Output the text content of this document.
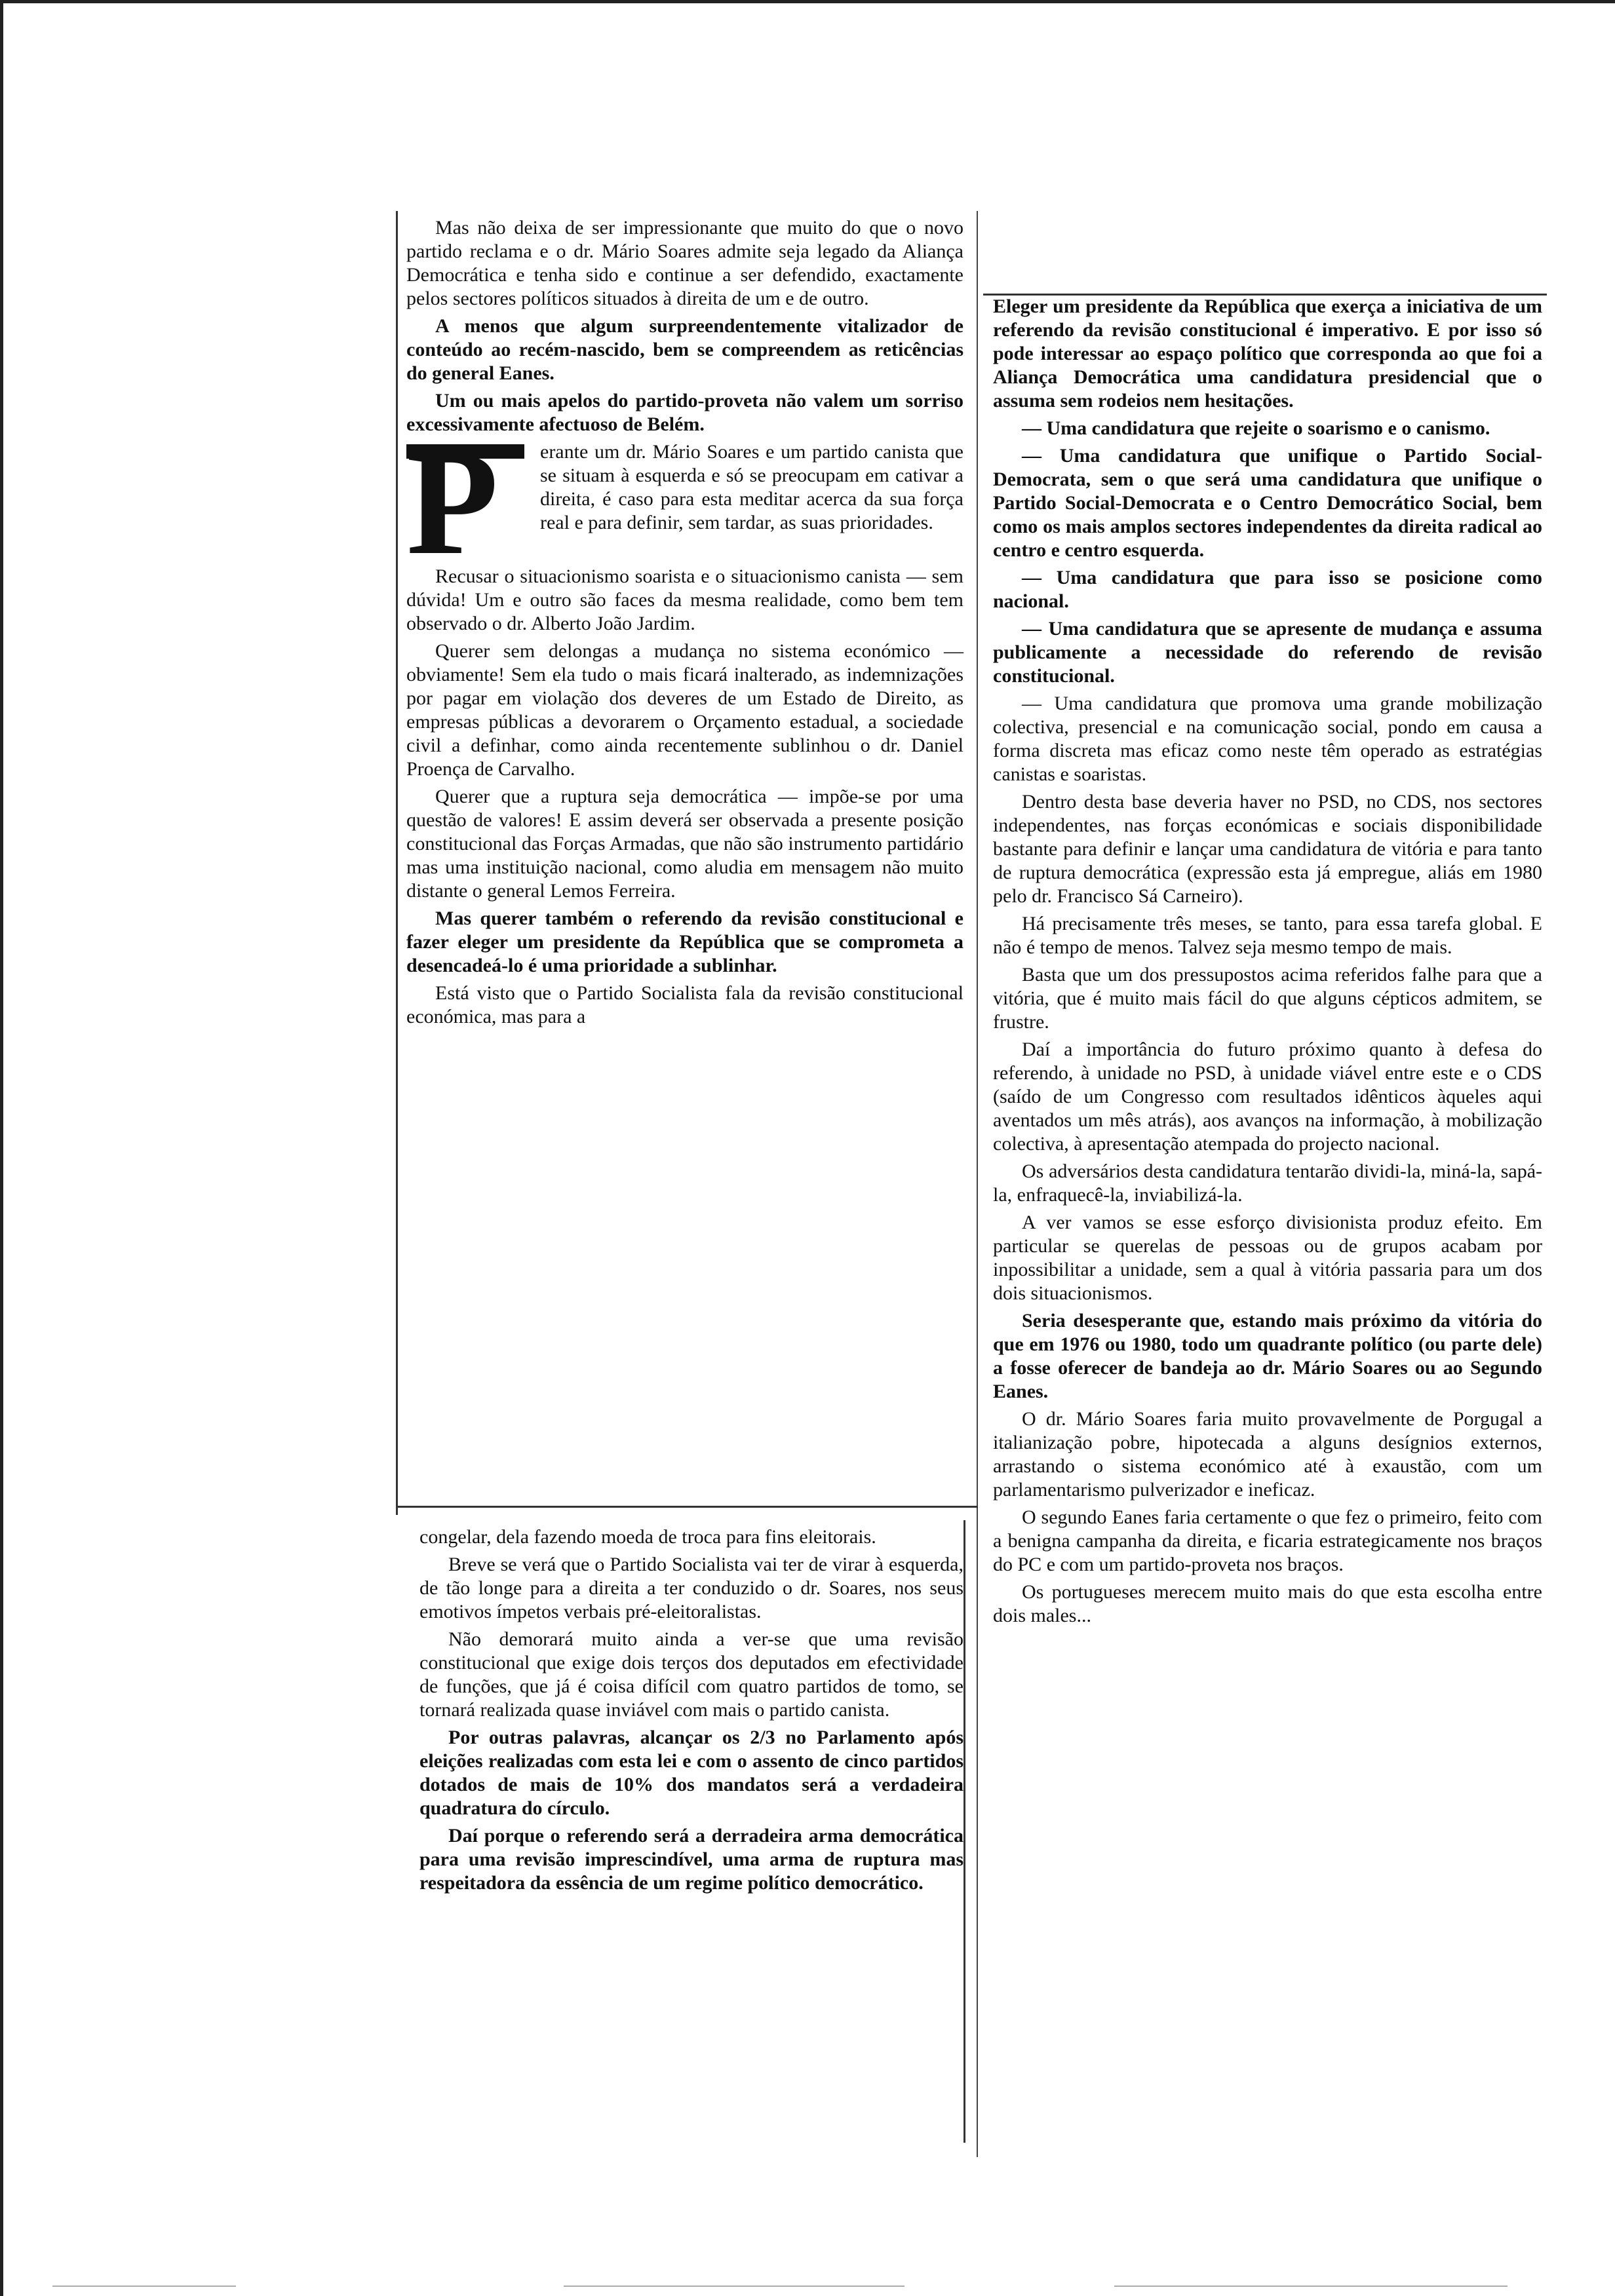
Mas não deixa de ser impressionante que muito do que o novo partido reclama e o dr. Mário Soares admite seja legado da Aliança Democrática e tenha sido e continue a ser defendido, exactamente pelos sectores políticos situados à direita de um e de outro.

A menos que algum surpreendentemente vitalizador de conteúdo ao recém-nascido, bem se compreendem as reticências do general Eanes.

Um ou mais apelos do partido-proveta não valem um sorriso excessivamente afectuoso de Belém.

P	erante um dr. Mário Soares e um partido canista que se situam à esquerda e só se preocupam em cativar a direita, é caso para esta meditar acerca da sua força real e para definir, sem tardar, as suas prioridades.

Recusar o situacionismo soarista e o situacionismo canista — sem dúvida! Um e outro são faces da mesma realidade, como bem tem observado o dr. Alberto João Jardim.

Querer sem delongas a mudança no sistema económico — obviamente! Sem ela tudo o mais ficará inalterado, as indemnizações por pagar em violação dos deveres de um Estado de Direito, as empresas públicas a devorarem o Orçamento estadual, a sociedade civil a definhar, como ainda recentemente sublinhou o dr. Daniel Proença de Carvalho.

Querer que a ruptura seja democrática — impõe-se por uma questão de valores! E assim deverá ser observada a presente posição constitucional das Forças Armadas, que não são instrumento partidário mas uma instituição nacional, como aludia em mensagem não muito distante o general Lemos Ferreira.

Mas querer também o referendo da revisão constitucional e fazer eleger um presidente da República que se comprometa a desencadeá-lo é uma prioridade a sublinhar.

Está visto que o Partido Socialista fala da revisão constitucional económica, mas para a

congelar, dela fazendo moeda de troca para fins eleitorais.

Breve se verá que o Partido Socialista vai ter de virar à esquerda, de tão longe para a direita a ter conduzido o dr. Soares, nos seus emotivos ímpetos verbais pré-eleitoralistas.

Não demorará muito ainda a ver-se que uma revisão constitucional que exige dois terços dos deputados em efectividade de funções, que já é coisa difícil com quatro partidos de tomo, se tornará realizada quase inviável com mais o partido canista.

Por outras palavras, alcançar os 2/3 no Parlamento após eleições realizadas com esta lei e com o assento de cinco partidos dotados de mais de 10% dos mandatos será a verdadeira quadratura do círculo.

Daí porque o referendo será a derradeira arma democrática para uma revisão imprescindível, uma arma de ruptura mas respeitadora da essência de um regime político democrático.

Eleger um presidente da República que exerça a iniciativa de um referendo da revisão constitucional é imperativo. E por isso só pode interessar ao espaço político que corresponda ao que foi a Aliança Democrática uma candidatura presidencial que o assuma sem rodeios nem hesitações.

— Uma candidatura que rejeite o soarismo e o canismo.

— Uma candidatura que unifique o Partido Social-Democrata, sem o que será uma candidatura que unifique o Partido Social-Democrata e o Centro Democrático Social, bem como os mais amplos sectores independentes da direita radical ao centro e centro esquerda.

— Uma candidatura que para isso se posicione como nacional.

— Uma candidatura que se apresente de mudança e assuma publicamente a necessidade do referendo de revisão constitucional.

— Uma candidatura que promova uma grande mobilização colectiva, presencial e na comunicação social, pondo em causa a forma discreta mas eficaz como neste têm operado as estratégias canistas e soaristas.

Dentro desta base deveria haver no PSD, no CDS, nos sectores independentes, nas forças económicas e sociais disponibilidade bastante para definir e lançar uma candidatura de vitória e para tanto de ruptura democrática (expressão esta já empregue, aliás em 1980 pelo dr. Francisco Sá Carneiro).

Há precisamente três meses, se tanto, para essa tarefa global. E não é tempo de menos. Talvez seja mesmo tempo de mais.

Basta que um dos pressupostos acima referidos falhe para que a vitória, que é muito mais fácil do que alguns cépticos admitem, se frustre.

Daí a importância do futuro próximo quanto à defesa do referendo, à unidade no PSD, à unidade viável entre este e o CDS (saído de um Congresso com resultados idênticos àqueles aqui aventados um mês atrás), aos avanços na informação, à mobilização colectiva, à apresentação atempada do projecto nacional.

Os adversários desta candidatura tentarão dividi-la, miná-la, sapá-la, enfraquecê-la, inviabilizá-la.

A ver vamos se esse esforço divisionista produz efeito. Em particular se querelas de pessoas ou de grupos acabam por inpossibilitar a unidade, sem a qual à vitória passaria para um dos dois situacionismos.

Seria desesperante que, estando mais próximo da vitória do que em 1976 ou 1980, todo um quadrante político (ou parte dele) a fosse oferecer de bandeja ao dr. Mário Soares ou ao Segundo Eanes.

O dr. Mário Soares faria muito provavelmente de Porgugal a italianização pobre, hipotecada a alguns desígnios externos, arrastando o sistema económico até à exaustão, com um parlamentarismo pulverizador e ineficaz.

O segundo Eanes faria certamente o que fez o primeiro, feito com a benigna campanha da direita, e ficaria estrategicamente nos braços do PC e com um partido-proveta nos braços.

Os portugueses merecem muito mais do que esta escolha entre dois males...
